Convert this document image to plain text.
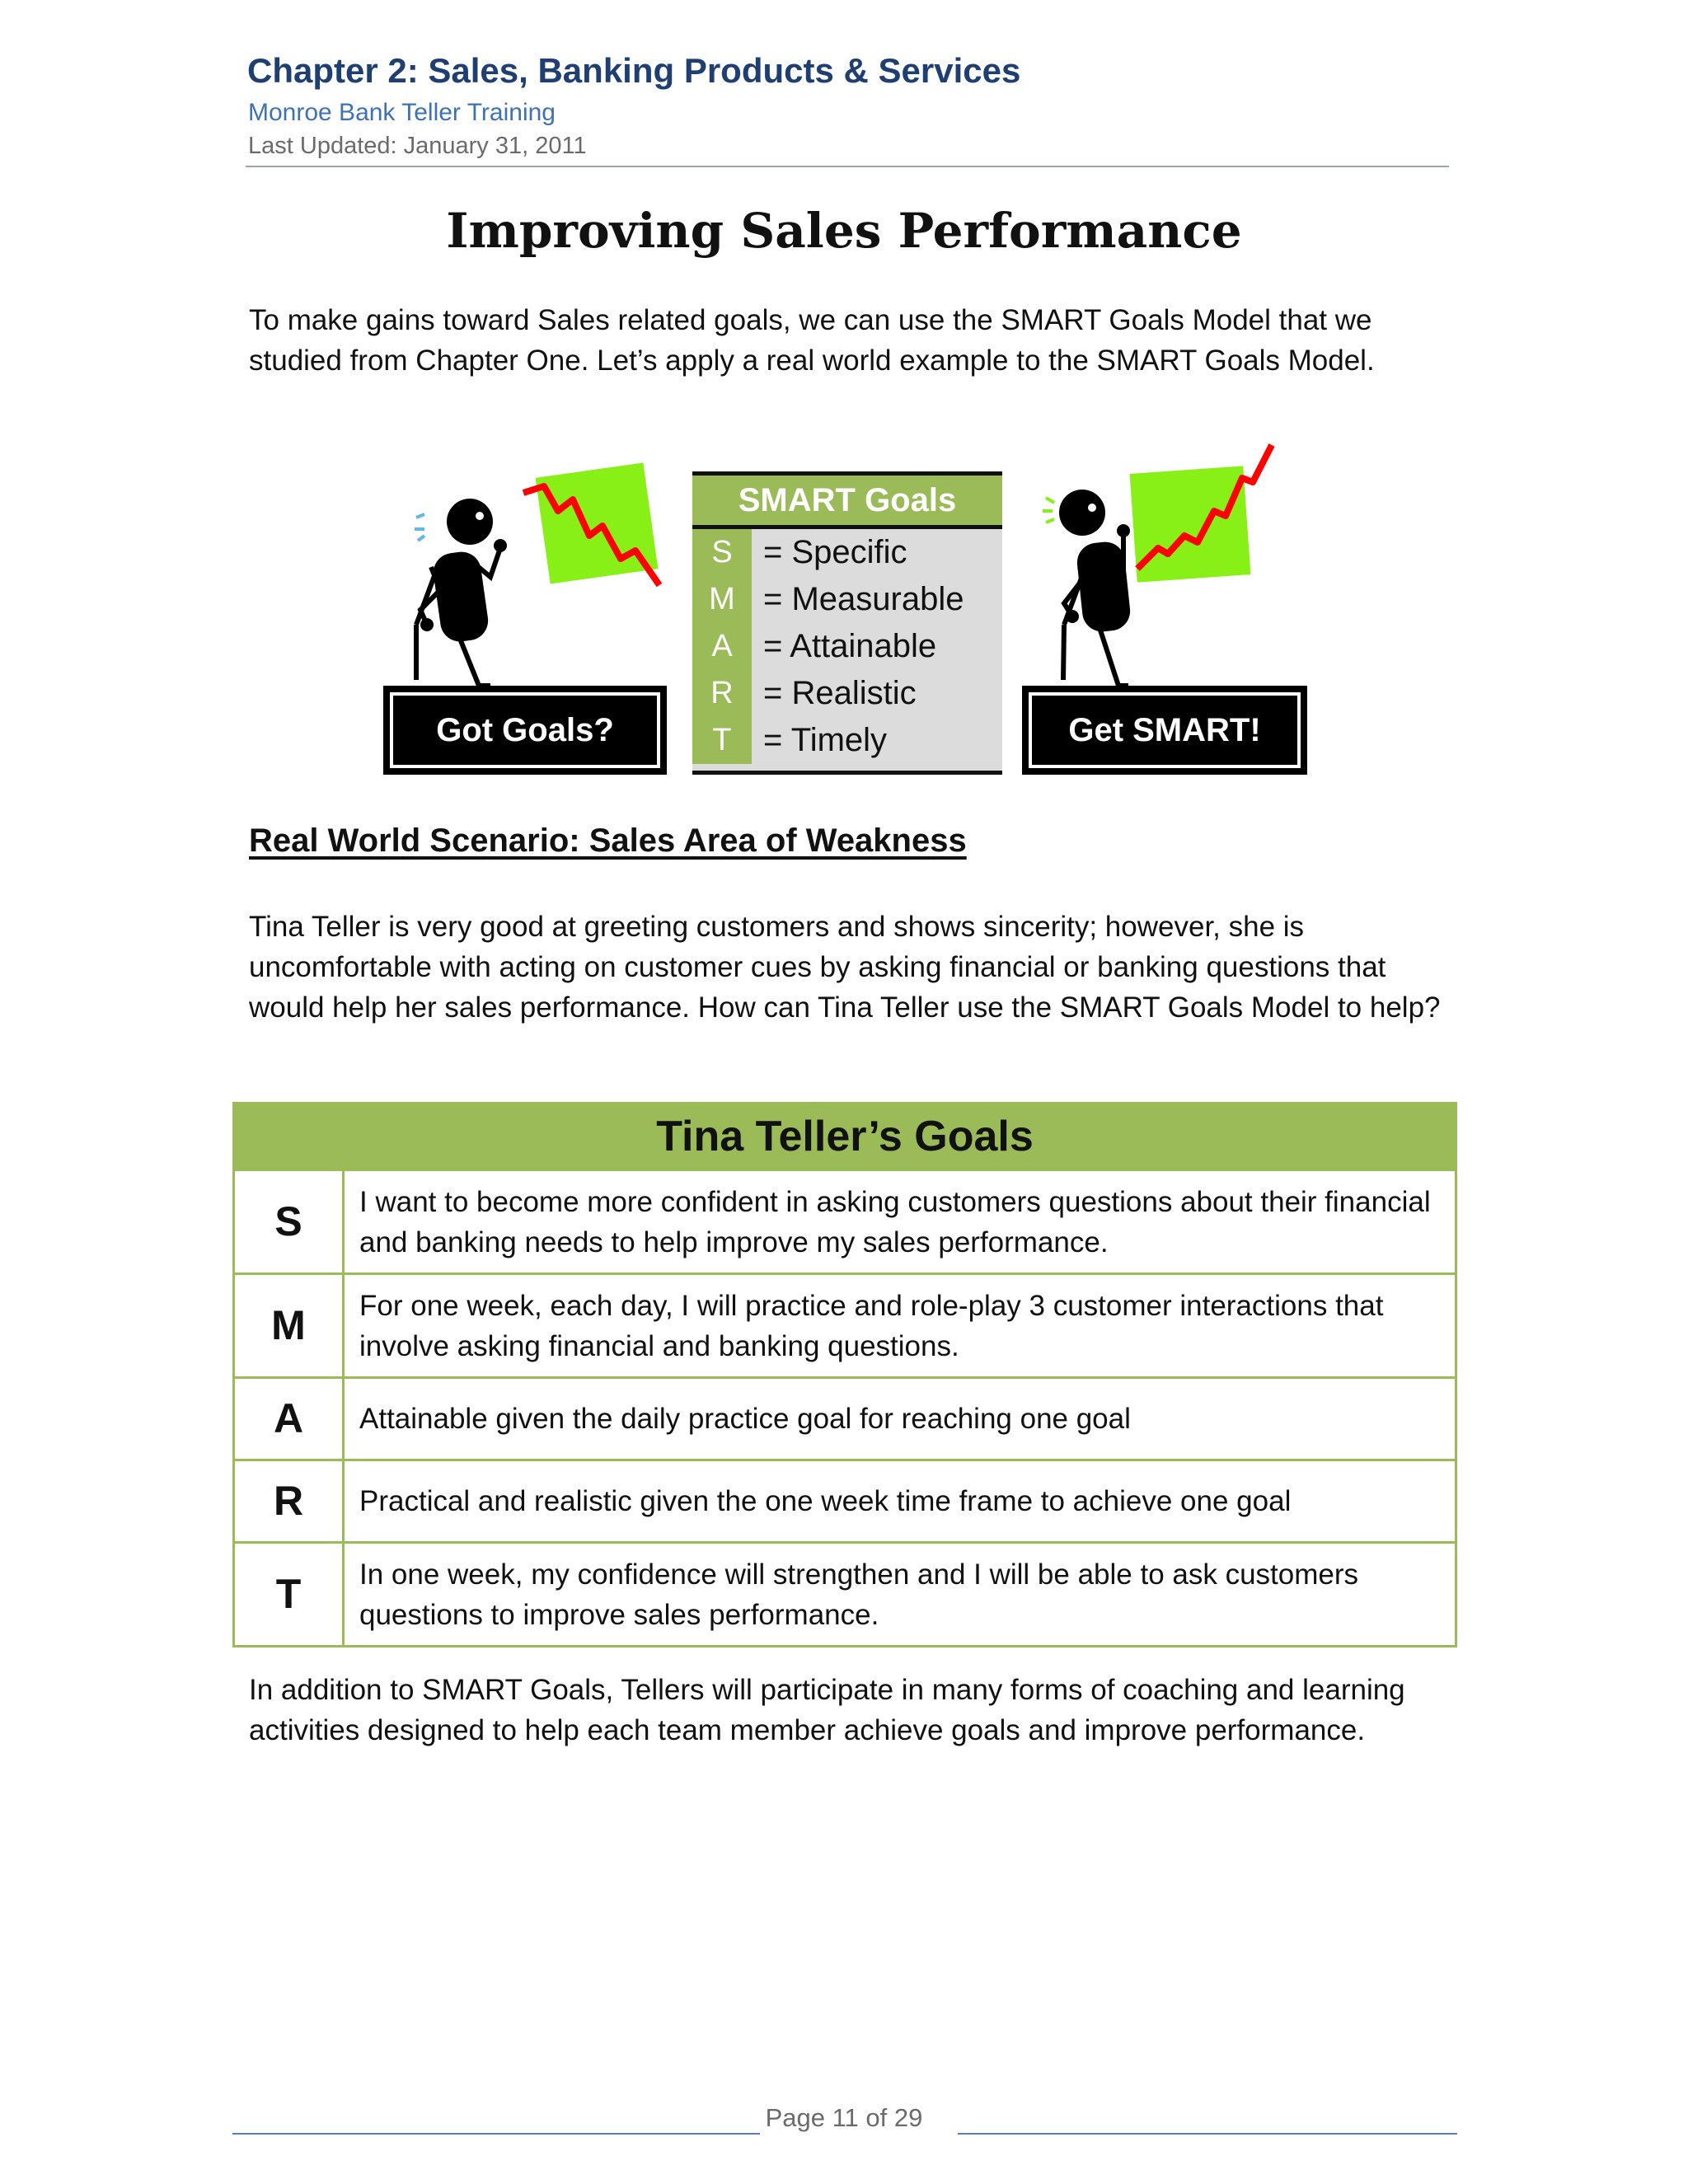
Chapter 2: Sales, Banking Products & Services
Monroe Bank Teller Training
Last Updated: January 31, 2011
Improving Sales Performance

To make gains toward Sales related goals, we can use the SMART Goals Model that we studied from Chapter One. Let’s apply a real world example to the SMART Goals Model.

Got Goals?
SMART Goals
S = Specific
M = Measurable
A = Attainable
R = Realistic
T = Timely	Get SMART!
Real World Scenario: Sales Area of Weakness

Tina Teller is very good at greeting customers and shows sincerity; however, she is uncomfortable with acting on customer cues by asking financial or banking questions that would help her sales performance. How can Tina Teller use the SMART Goals Model to help?

Tina Teller’s Goals	
S	I want to become more confident in asking customers questions about their financial and banking needs to help improve my sales performance.
M	For one week, each day, I will practice and role-play 3 customer interactions that involve asking financial and banking questions.
A	Attainable given the daily practice goal for reaching one goal
R	Practical and realistic given the one week time frame to achieve one goal
T	In one week, my confidence will strengthen and I will be able to ask customers questions to improve sales performance.

In addition to SMART Goals, Tellers will participate in many forms of coaching and learning activities designed to help each team member achieve goals and improve performance.

Page 11 of 29
